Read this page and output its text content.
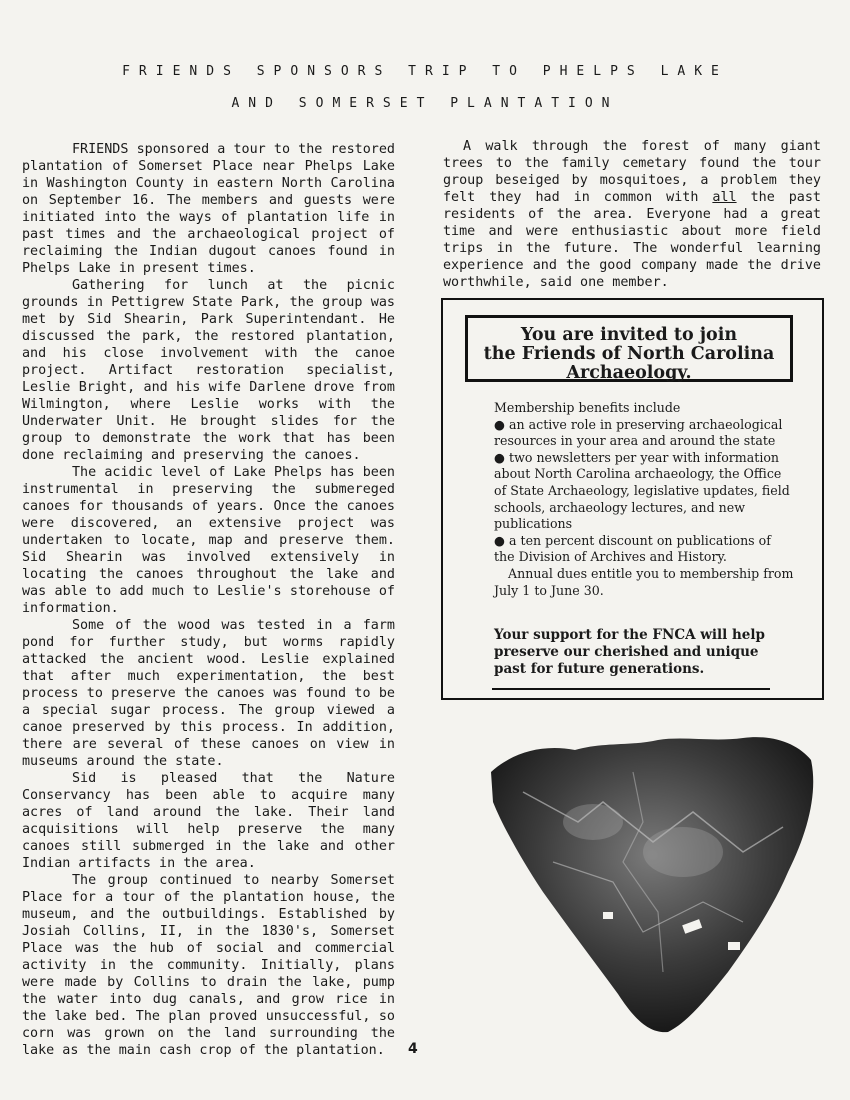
FRIENDS SPONSORS TRIP TO PHELPS LAKE
AND SOMERSET PLANTATION

FRIENDS sponsored a tour to the restored plantation of Somerset Place near Phelps Lake in Washington County in eastern North Carolina on September 16. The members and guests were initiated into the ways of plantation life in past times and the archaeological project of reclaiming the Indian dugout canoes found in Phelps Lake in present times.

Gathering for lunch at the picnic grounds in Pettigrew State Park, the group was met by Sid Shearin, Park Superintendant. He discussed the park, the restored plantation, and his close involvement with the canoe project. Artifact restoration specialist, Leslie Bright, and his wife Darlene drove from Wilmington, where Leslie works with the Underwater Unit. He brought slides for the group to demonstrate the work that has been done reclaiming and preserving the canoes.

The acidic level of Lake Phelps has been instrumental in preserving the submereged canoes for thousands of years. Once the canoes were discovered, an extensive project was undertaken to locate, map and preserve them. Sid Shearin was involved extensively in locating the canoes throughout the lake and was able to add much to Leslie's storehouse of information.

Some of the wood was tested in a farm pond for further study, but worms rapidly attacked the ancient wood. Leslie explained that after much experimentation, the best process to preserve the canoes was found to be a special sugar process. The group viewed a canoe preserved by this process. In addition, there are several of these canoes on view in museums around the state.

Sid is pleased that the Nature Conservancy has been able to acquire many acres of land around the lake. Their land acquisitions will help preserve the many canoes still submerged in the lake and other Indian artifacts in the area.

The group continued to nearby Somerset Place for a tour of the plantation house, the museum, and the outbuildings. Established by Josiah Collins, II, in the 1830's, Somerset Place was the hub of social and commercial activity in the community. Initially, plans were made by Collins to drain the lake, pump the water into dug canals, and grow rice in the lake bed. The plan proved unsuccessful, so corn was grown on the land surrounding the lake as the main cash crop of the plantation.

A walk through the forest of many giant trees to the family cemetary found the tour group beseiged by mosquitoes, a problem they felt they had in common with all the past residents of the area. Everyone had a great time and were enthusiastic about more field trips in the future. The wonderful learning experience and the good company made the drive worthwhile, said one member.

You are invited to join
the Friends of North Carolina
Archaeology.

Membership benefits include

● an active role in preserving archaeological resources in your area and around the state

● two newsletters per year with information about North Carolina archaeology, the Office of State Archaeology, legislative updates, field schools, archaeology lectures, and new publications

● a ten percent discount on publications of the Division of Archives and History.

Annual dues entitle you to membership from July 1 to June 30.

Your support for the FNCA will help preserve our cherished and unique past for future generations.
4
